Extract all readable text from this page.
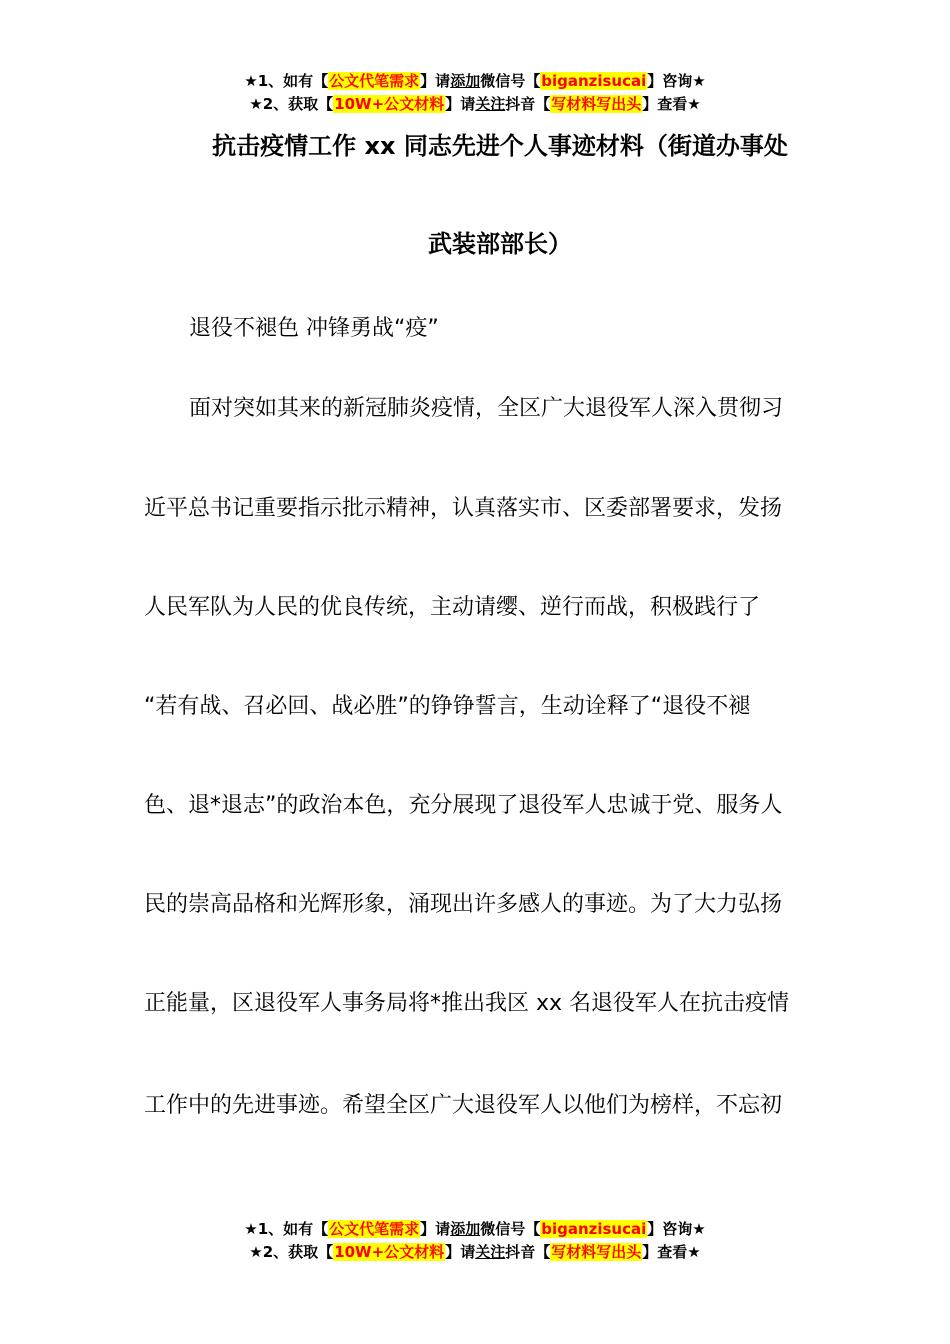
★1、如有【公文代笔需求】请添加微信号【biganzisucai】咨询★
★2、获取【10W+公文材料】请关注抖音【写材料写出头】查看★
抗击疫情工作 xx 同志先进个人事迹材料（街道办事处
武装部部长）
退役不褪色 冲锋勇战“疫”
面对突如其来的新冠肺炎疫情，全区广大退役军人深入贯彻习
近平总书记重要指示批示精神，认真落实市、区委部署要求，发扬
人民军队为人民的优良传统，主动请缨、逆行而战，积极践行了
“若有战、召必回、战必胜”的铮铮誓言，生动诠释了“退役不褪
色、退*退志”的政治本色，充分展现了退役军人忠诚于党、服务人
民的崇高品格和光辉形象，涌现出许多感人的事迹。为了大力弘扬
正能量，区退役军人事务局将*推出我区 xx 名退役军人在抗击疫情
工作中的先进事迹。希望全区广大退役军人以他们为榜样，不忘初
★1、如有【公文代笔需求】请添加微信号【biganzisucai】咨询★
★2、获取【10W+公文材料】请关注抖音【写材料写出头】查看★
